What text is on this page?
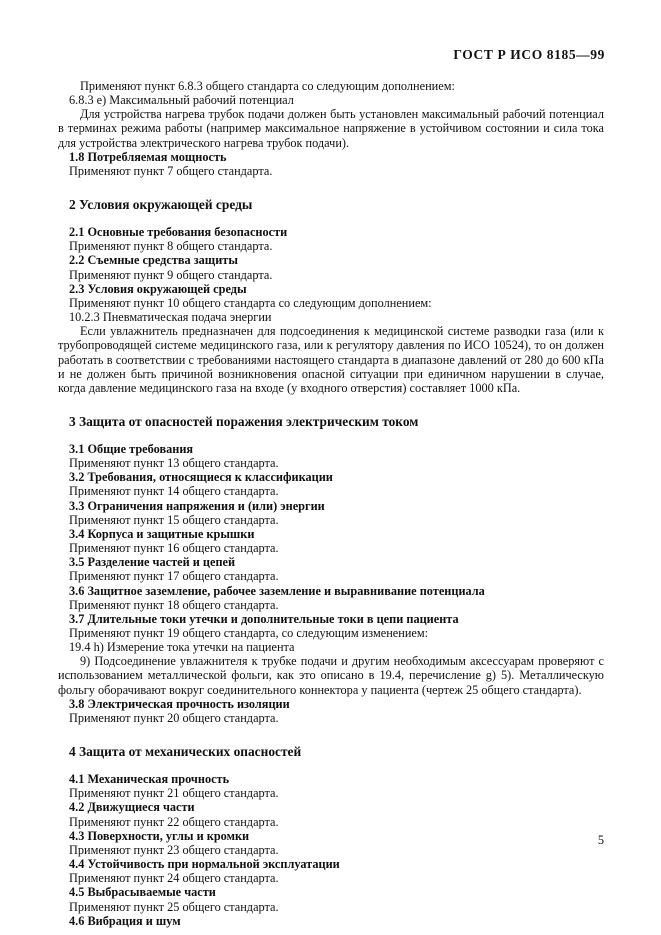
ГОСТ Р ИСО 8185—99

Применяют пункт 6.8.3 общего стандарта со следующим дополнением:

6.8.3 e) Максимальный рабочий потенциал

Для устройства нагрева трубок подачи должен быть установлен максимальный рабочий потенциал в терминах режима работы (например максимальное напряжение в устойчивом состоянии и сила тока для устройства электрического нагрева трубок подачи).

1.8 Потребляемая мощность

Применяют пункт 7 общего стандарта.

2 Условия окружающей среды

2.1 Основные требования безопасности

Применяют пункт 8 общего стандарта.

2.2 Съемные средства защиты

Применяют пункт 9 общего стандарта.

2.3 Условия окружающей среды

Применяют пункт 10 общего стандарта со следующим дополнением:

10.2.3 Пневматическая подача энергии

Если увлажнитель предназначен для подсоединения к медицинской системе разводки газа (или к трубопроводящей системе медицинского газа, или к регулятору давления по ИСО 10524), то он должен работать в соответствии с требованиями настоящего стандарта в диапазоне давлений от 280 до 600 кПа и не должен быть причиной возникновения опасной ситуации при единичном нарушении в случае, когда давление медицинского газа на входе (у входного отверстия) составляет 1000 кПа.

3 Защита от опасностей поражения электрическим током

3.1 Общие требования

Применяют пункт 13 общего стандарта.

3.2 Требования, относящиеся к классификации

Применяют пункт 14 общего стандарта.

3.3 Ограничения напряжения и (или) энергии

Применяют пункт 15 общего стандарта.

3.4 Корпуса и защитные крышки

Применяют пункт 16 общего стандарта.

3.5 Разделение частей и цепей

Применяют пункт 17 общего стандарта.

3.6 Защитное заземление, рабочее заземление и выравнивание потенциала

Применяют пункт 18 общего стандарта.

3.7 Длительные токи утечки и дополнительные токи в цепи пациента

Применяют пункт 19 общего стандарта, со следующим изменением:

19.4 h) Измерение тока утечки на пациента

9) Подсоединение увлажнителя к трубке подачи и другим необходимым аксессуарам проверяют с использованием металлической фольги, как это описано в 19.4, перечисление g) 5). Металлическую фольгу оборачивают вокруг соединительного коннектора у пациента (чертеж 25 общего стандарта).

3.8 Электрическая прочность изоляции

Применяют пункт 20 общего стандарта.

4 Защита от механических опасностей

4.1 Механическая прочность

Применяют пункт 21 общего стандарта.

4.2 Движущиеся части

Применяют пункт 22 общего стандарта.

4.3 Поверхности, углы и кромки

Применяют пункт 23 общего стандарта.

4.4 Устойчивость при нормальной эксплуатации

Применяют пункт 24 общего стандарта.

4.5 Выбрасываемые части

Применяют пункт 25 общего стандарта.

4.6 Вибрация и шум

5
